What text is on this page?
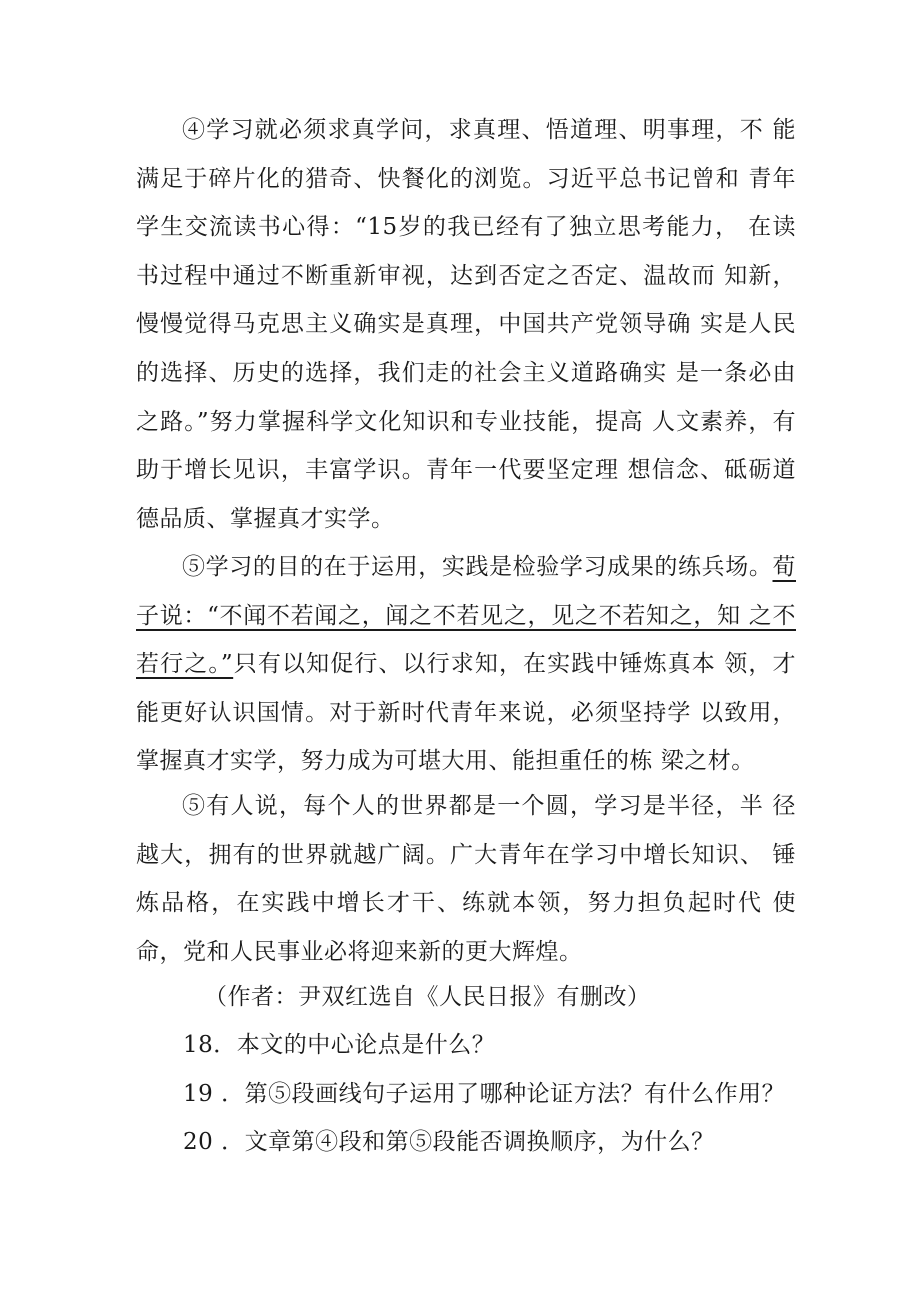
④学习就必须求真学问，求真理、悟道理、明事理，不 能满足于碎片化的猎奇、快餐化的浏览。习近平总书记曾和 青年学生交流读书心得：“15岁的我已经有了独立思考能力， 在读书过程中通过不断重新审视，达到否定之否定、温故而 知新，慢慢觉得马克思主义确实是真理，中国共产党领导确 实是人民的选择、历史的选择，我们走的社会主义道路确实 是一条必由之路。”努力掌握科学文化知识和专业技能，提高 人文素养，有助于增长见识，丰富学识。青年一代要坚定理 想信念、砥砺道德品质、掌握真才实学。

⑤学习的目的在于运用，实践是检验学习成果的练兵场。荀子说：“不闻不若闻之，闻之不若见之，见之不若知之，知 之不若行之。”只有以知促行、以行求知，在实践中锤炼真本 领，才能更好认识国情。对于新时代青年来说，必须坚持学 以致用，掌握真才实学，努力成为可堪大用、能担重任的栋 梁之材。

⑤有人说，每个人的世界都是一个圆，学习是半径，半 径越大，拥有的世界就越广阔。广大青年在学习中增长知识、 锤炼品格，在实践中增长才干、练就本领，努力担负起时代 使命，党和人民事业必将迎来新的更大辉煌。

（作者：尹双红选自《人民日报》有删改）

18．本文的中心论点是什么？

19 ．第⑤段画线句子运用了哪种论证方法？有什么作用？

20 ．文章第④段和第⑤段能否调换顺序，为什么？
